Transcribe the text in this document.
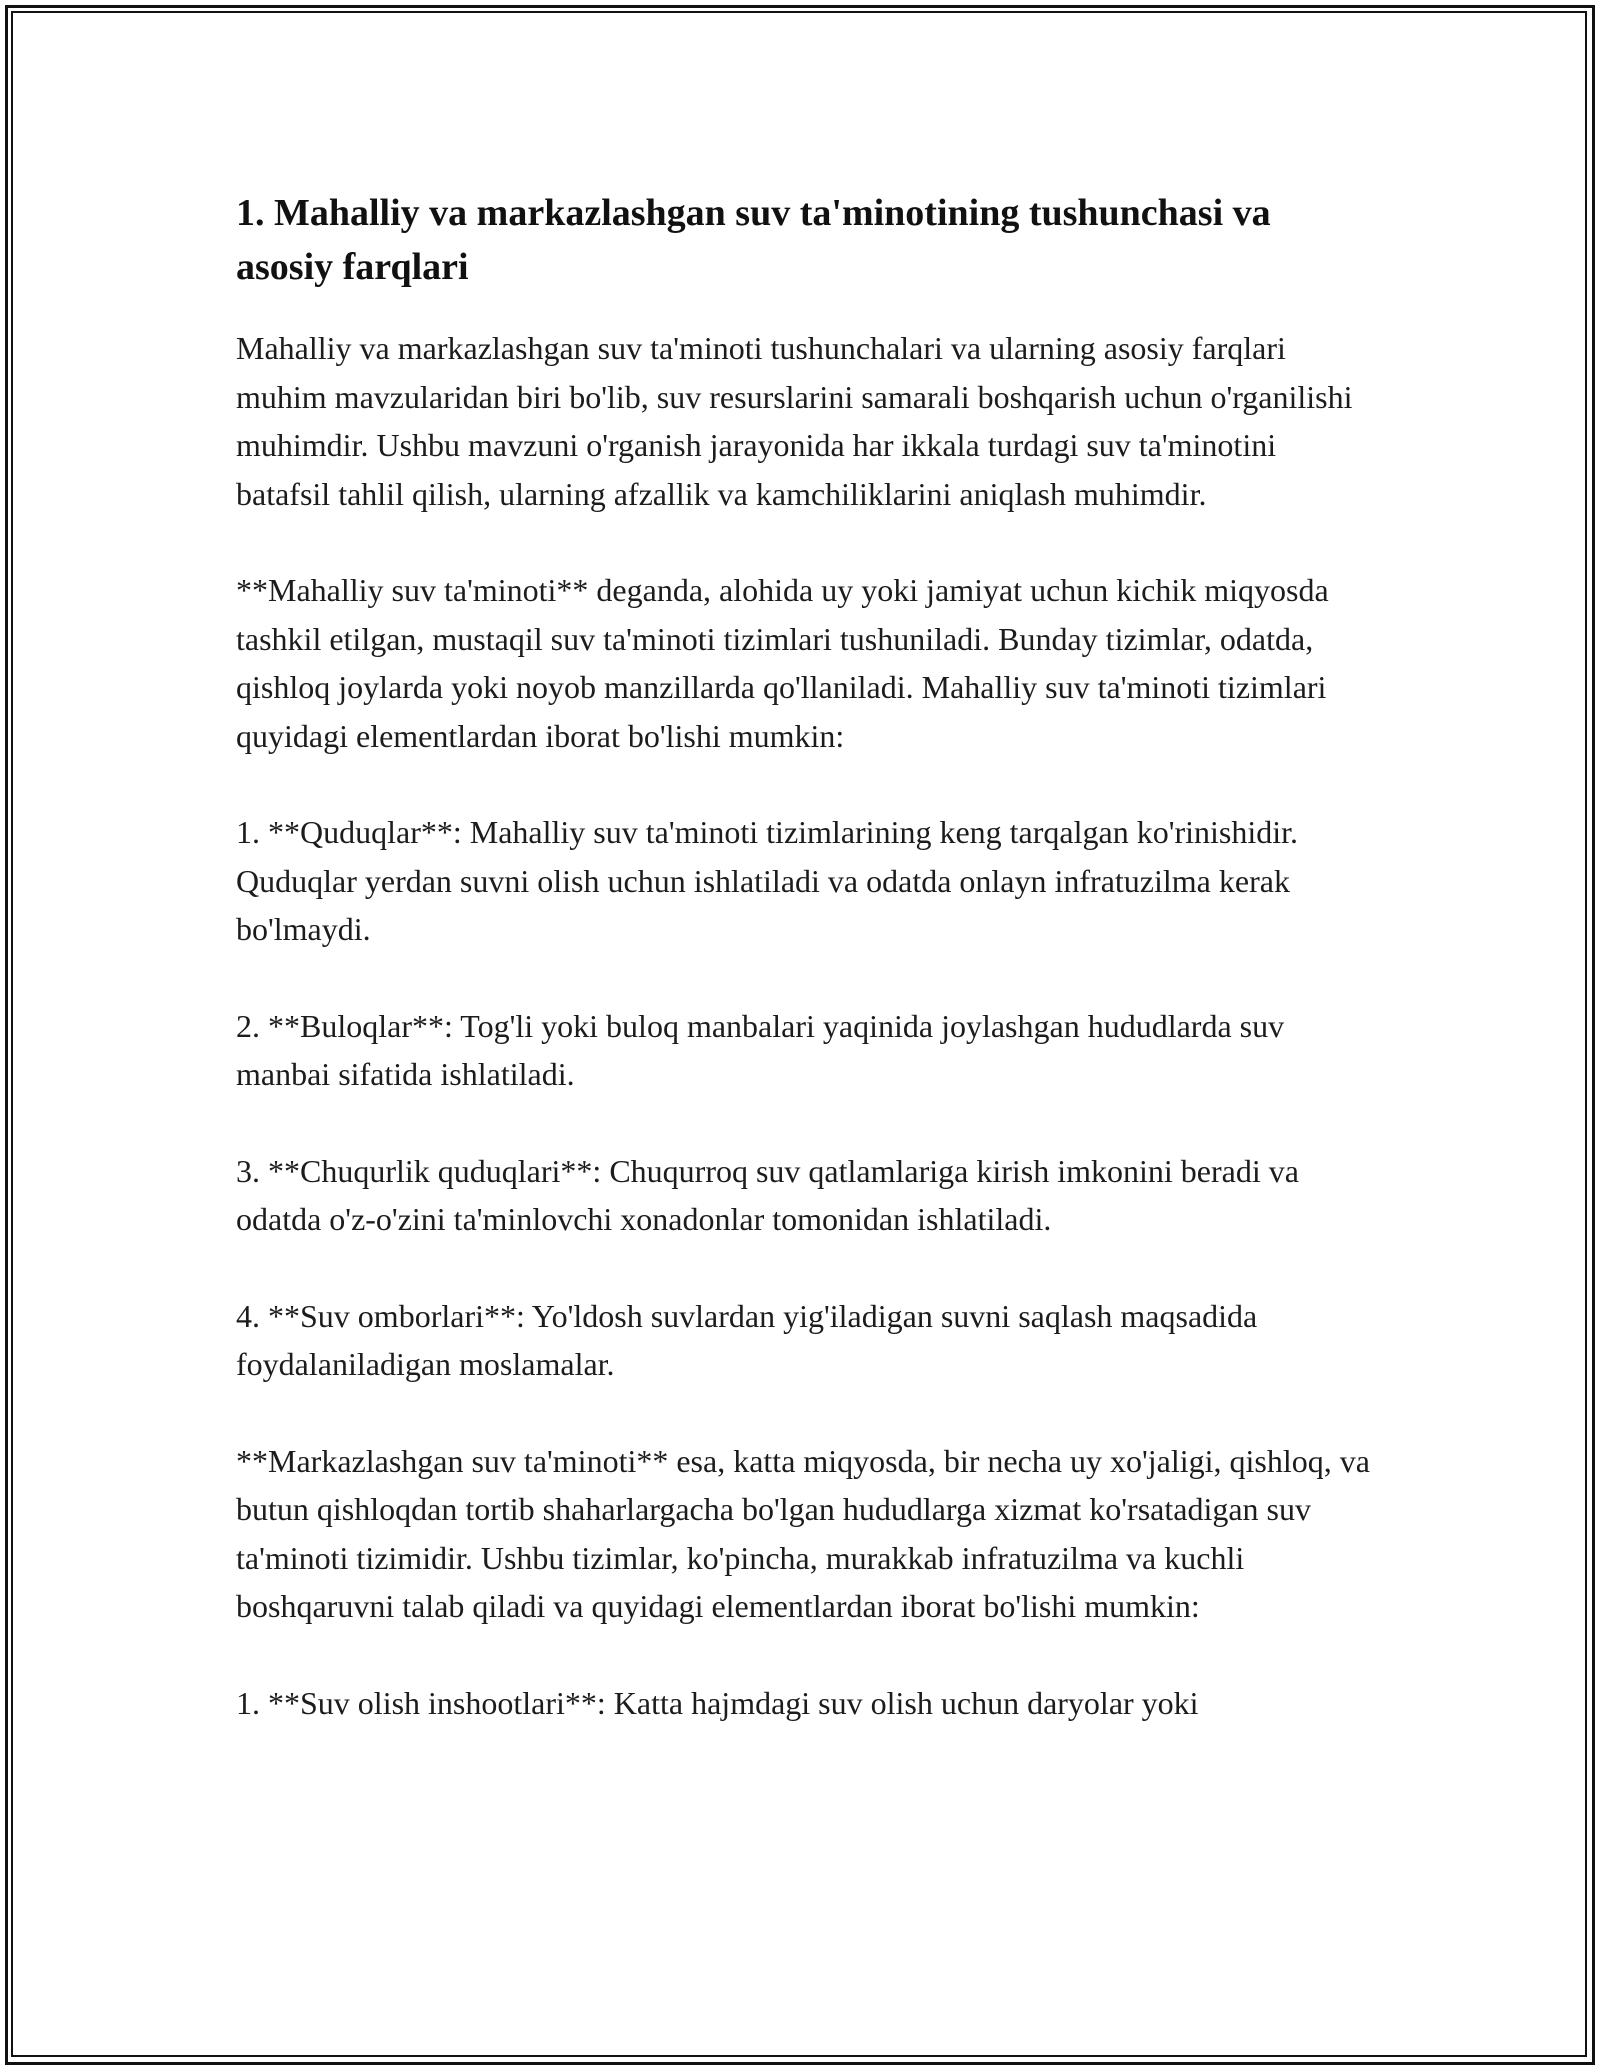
1. Mahalliy va markazlashgan suv ta'minotining tushunchasi va asosiy farqlari

Mahalliy va markazlashgan suv ta'minoti tushunchalari va ularning asosiy farqlari muhim mavzularidan biri bo'lib, suv resurslarini samarali boshqarish uchun o'rganilishi muhimdir. Ushbu mavzuni o'rganish jarayonida har ikkala turdagi suv ta'minotini batafsil tahlil qilish, ularning afzallik va kamchiliklarini aniqlash muhimdir.

**Mahalliy suv ta'minoti** deganda, alohida uy yoki jamiyat uchun kichik miqyosda tashkil etilgan, mustaqil suv ta'minoti tizimlari tushuniladi. Bunday tizimlar, odatda, qishloq joylarda yoki noyob manzillarda qo'llaniladi. Mahalliy suv ta'minoti tizimlari quyidagi elementlardan iborat bo'lishi mumkin:

1. **Quduqlar**: Mahalliy suv ta'minoti tizimlarining keng tarqalgan ko'rinishidir. Quduqlar yerdan suvni olish uchun ishlatiladi va odatda onlayn infratuzilma kerak bo'lmaydi.

2. **Buloqlar**: Tog'li yoki buloq manbalari yaqinida joylashgan hududlarda suv manbai sifatida ishlatiladi.

3. **Chuqurlik quduqlari**: Chuqurroq suv qatlamlariga kirish imkonini beradi va odatda o'z-o'zini ta'minlovchi xonadonlar tomonidan ishlatiladi.

4. **Suv omborlari**: Yo'ldosh suvlardan yig'iladigan suvni saqlash maqsadida foydalaniladigan moslamalar.

**Markazlashgan suv ta'minoti** esa, katta miqyosda, bir necha uy xo'jaligi, qishloq, va butun qishloqdan tortib shaharlargacha bo'lgan hududlarga xizmat ko'rsatadigan suv ta'minoti tizimidir. Ushbu tizimlar, ko'pincha, murakkab infratuzilma va kuchli boshqaruvni talab qiladi va quyidagi elementlardan iborat bo'lishi mumkin:

1. **Suv olish inshootlari**: Katta hajmdagi suv olish uchun daryolar yoki
